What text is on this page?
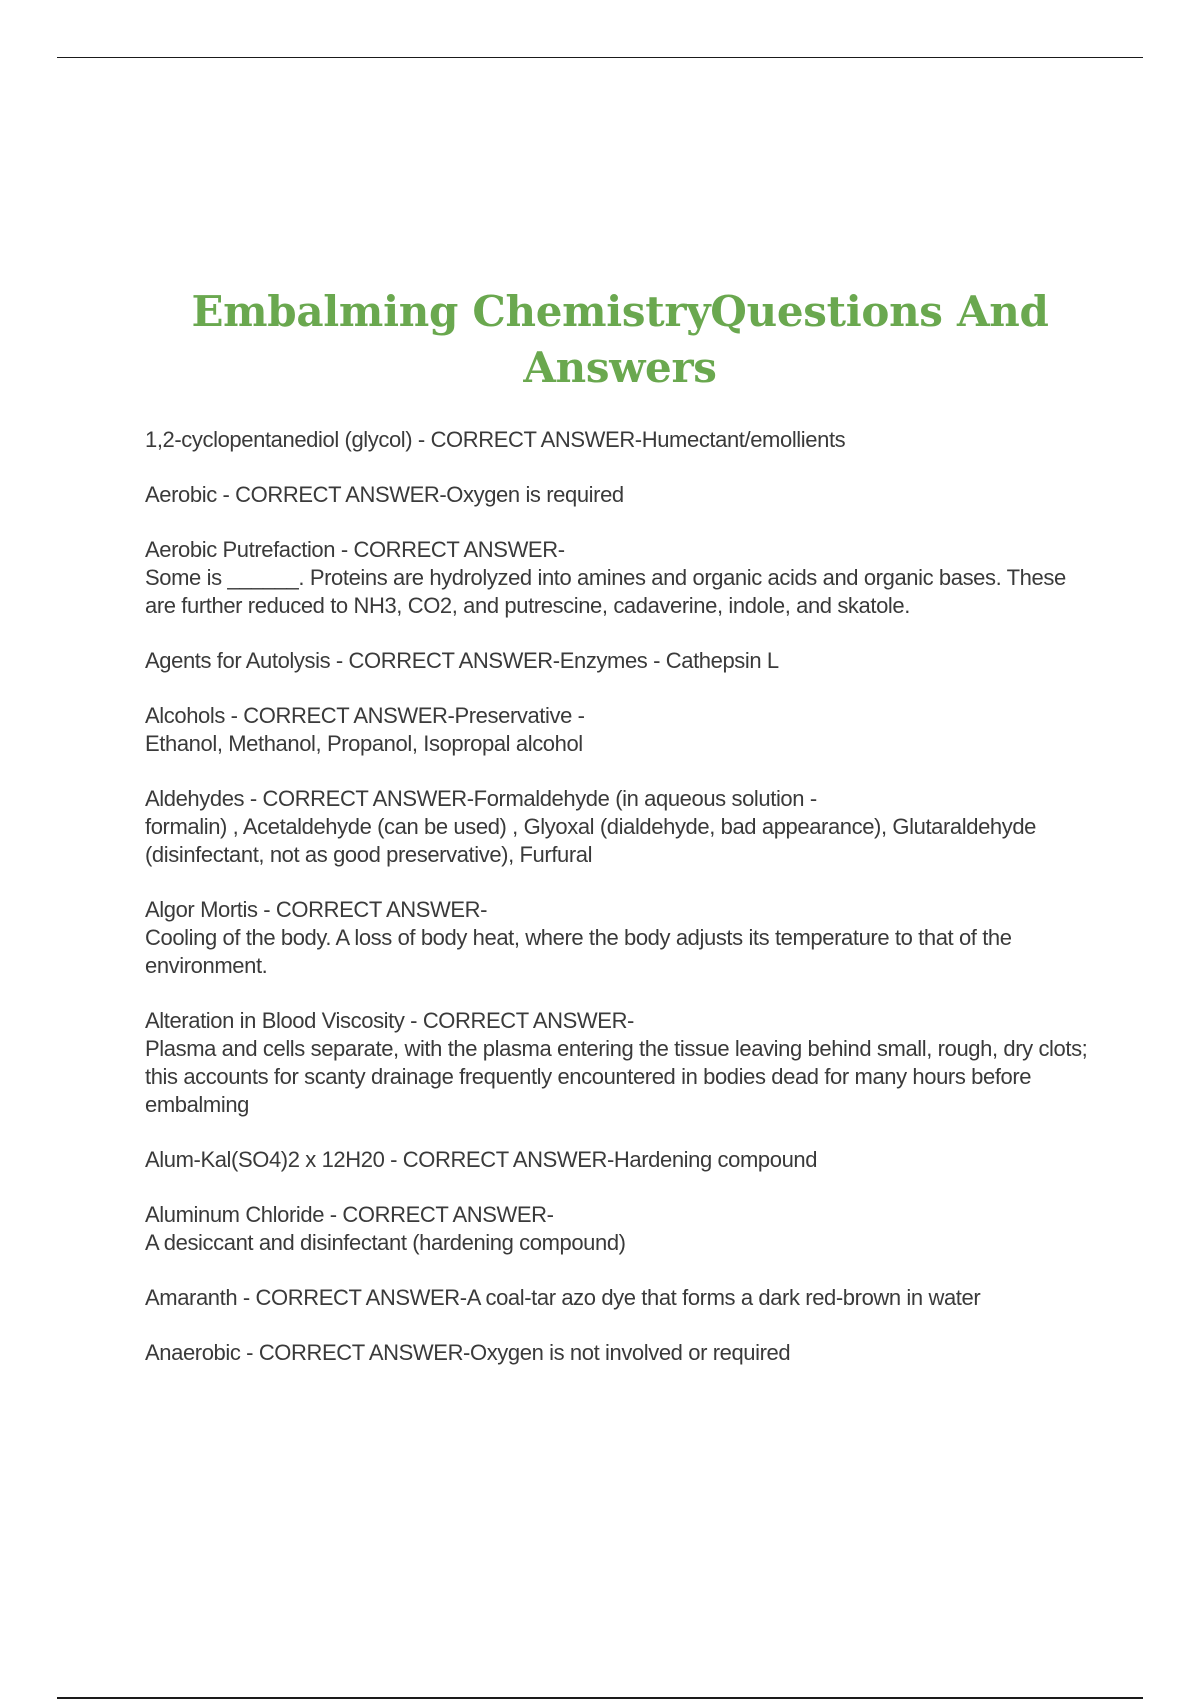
Embalming ChemistryQuestions And Answers

1,2-cyclopentanediol (glycol) - CORRECT ANSWER-Humectant/emollients

Aerobic - CORRECT ANSWER-Oxygen is required

Aerobic Putrefaction - CORRECT ANSWER-
Some is ______. Proteins are hydrolyzed into amines and organic acids and organic bases. These are further reduced to NH3, CO2, and putrescine, cadaverine, indole, and skatole.

Agents for Autolysis - CORRECT ANSWER-Enzymes - Cathepsin L

Alcohols - CORRECT ANSWER-Preservative -
Ethanol, Methanol, Propanol, Isopropal alcohol

Aldehydes - CORRECT ANSWER-Formaldehyde (in aqueous solution -
formalin) , Acetaldehyde (can be used) , Glyoxal (dialdehyde, bad appearance), Glutaraldehyde (disinfectant, not as good preservative), Furfural

Algor Mortis - CORRECT ANSWER-
Cooling of the body. A loss of body heat, where the body adjusts its temperature to that of the environment.

Alteration in Blood Viscosity - CORRECT ANSWER-
Plasma and cells separate, with the plasma entering the tissue leaving behind small, rough, dry clots; this accounts for scanty drainage frequently encountered in bodies dead for many hours before embalming

Alum-Kal(SO4)2 x 12H20 - CORRECT ANSWER-Hardening compound

Aluminum Chloride - CORRECT ANSWER-
A desiccant and disinfectant (hardening compound)

Amaranth - CORRECT ANSWER-A coal-tar azo dye that forms a dark red-brown in water

Anaerobic - CORRECT ANSWER-Oxygen is not involved or required
